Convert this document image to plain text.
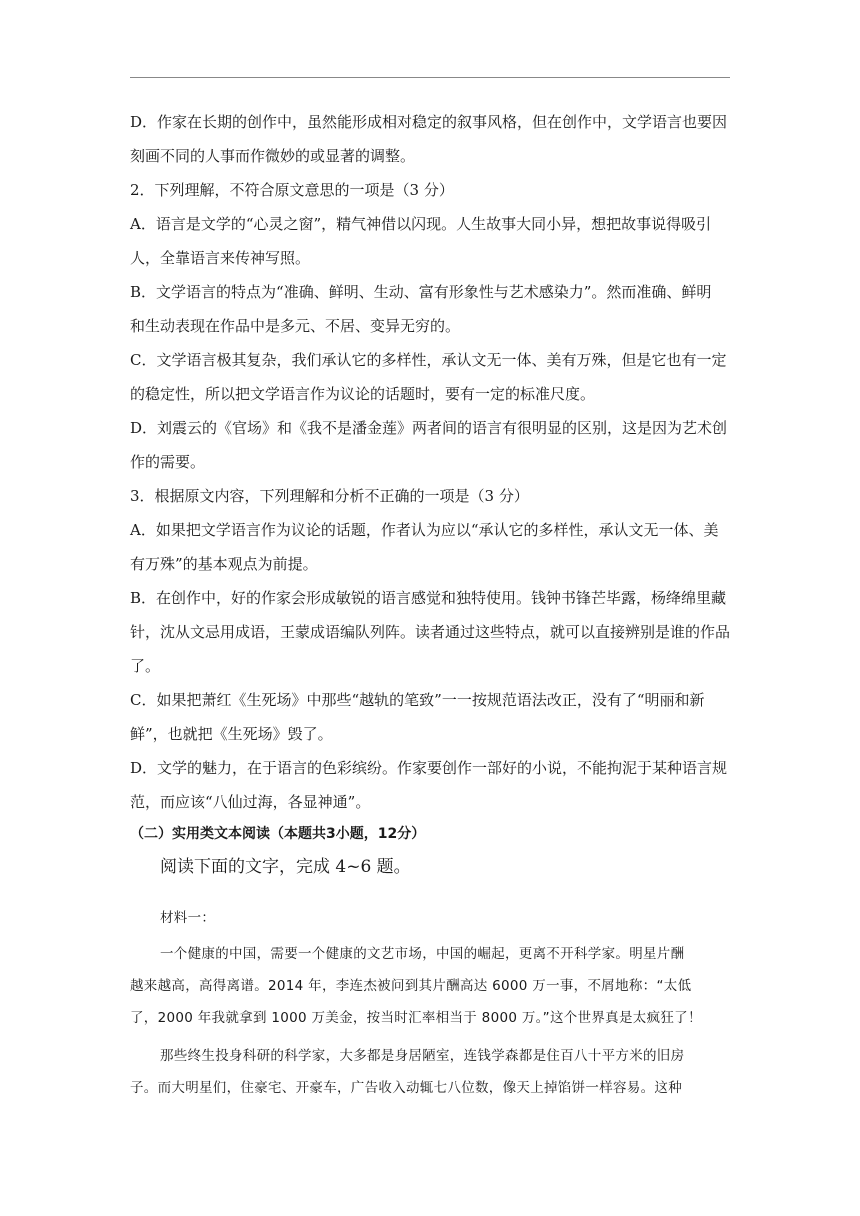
D．作家在长期的创作中，虽然能形成相对稳定的叙事风格，但在创作中，文学语言也要因
刻画不同的人事而作微妙的或显著的调整。
2．下列理解，不符合原文意思的一项是（3 分）
A．语言是文学的“心灵之窗”，精气神借以闪现。人生故事大同小异，想把故事说得吸引
人，全靠语言来传神写照。
B．文学语言的特点为“准确、鲜明、生动、富有形象性与艺术感染力”。然而准确、鲜明
和生动表现在作品中是多元、不居、变异无穷的。
C．文学语言极其复杂，我们承认它的多样性，承认文无一体、美有万殊，但是它也有一定
的稳定性，所以把文学语言作为议论的话题时，要有一定的标准尺度。
D．刘震云的《官场》和《我不是潘金莲》两者间的语言有很明显的区别，这是因为艺术创
作的需要。
3．根据原文内容，下列理解和分析不正确的一项是（3 分）
A．如果把文学语言作为议论的话题，作者认为应以“承认它的多样性，承认文无一体、美
有万殊”的基本观点为前提。
B．在创作中，好的作家会形成敏锐的语言感觉和独特使用。钱钟书锋芒毕露，杨绛绵里藏
针，沈从文忌用成语，王蒙成语编队列阵。读者通过这些特点，就可以直接辨别是谁的作品
了。
C．如果把萧红《生死场》中那些“越轨的笔致”一一按规范语法改正，没有了“明丽和新
鲜”，也就把《生死场》毁了。
D．文学的魅力，在于语言的色彩缤纷。作家要创作一部好的小说，不能拘泥于某种语言规
范，而应该“八仙过海，各显神通”。
（二）实用类文本阅读（本题共3小题，12分）
阅读下面的文字，完成 4~6 题。
材料一：
一个健康的中国，需要一个健康的文艺市场，中国的崛起，更离不开科学家。明星片酬
越来越高，高得离谱。2014 年，李连杰被问到其片酬高达 6000 万一事，不屑地称：“太低
了，2000 年我就拿到 1000 万美金，按当时汇率相当于 8000 万。”这个世界真是太疯狂了！
那些终生投身科研的科学家，大多都是身居陋室，连钱学森都是住百八十平方米的旧房
子。而大明星们，住豪宅、开豪车，广告收入动辄七八位数，像天上掉馅饼一样容易。这种
